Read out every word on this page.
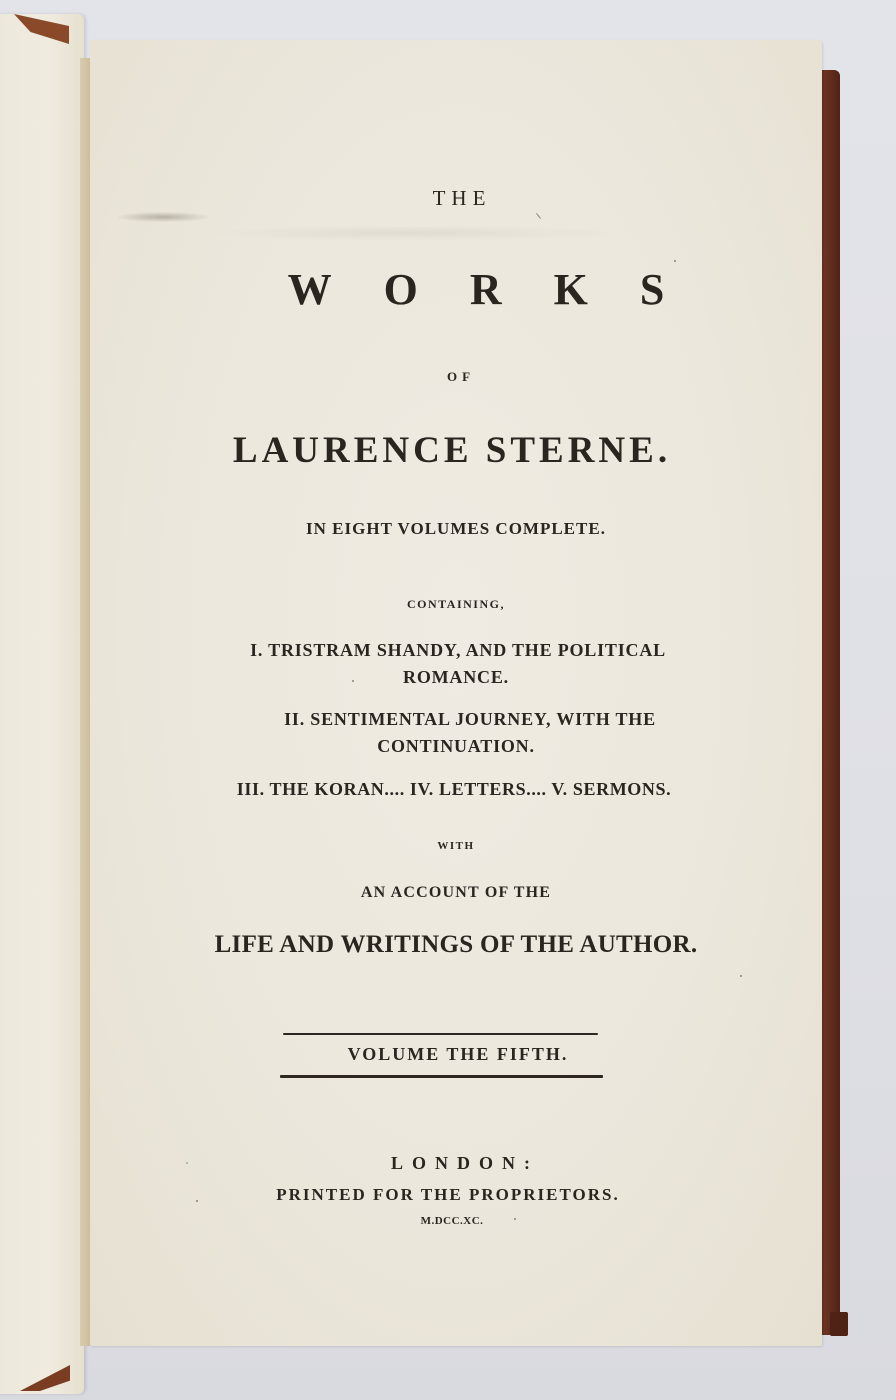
THE
WORKS
OF
LAURENCE STERNE.
IN EIGHT VOLUMES COMPLETE.
CONTAINING,
I. TRISTRAM SHANDY, AND THE POLITICAL
ROMANCE.
II. SENTIMENTAL JOURNEY, WITH THE
CONTINUATION.
III. THE KORAN.... IV. LETTERS.... V. SERMONS.
WITH
AN ACCOUNT OF THE
LIFE AND WRITINGS OF THE AUTHOR.
VOLUME THE FIFTH.
LONDON:
PRINTED FOR THE PROPRIETORS.
M.DCC.XC.
